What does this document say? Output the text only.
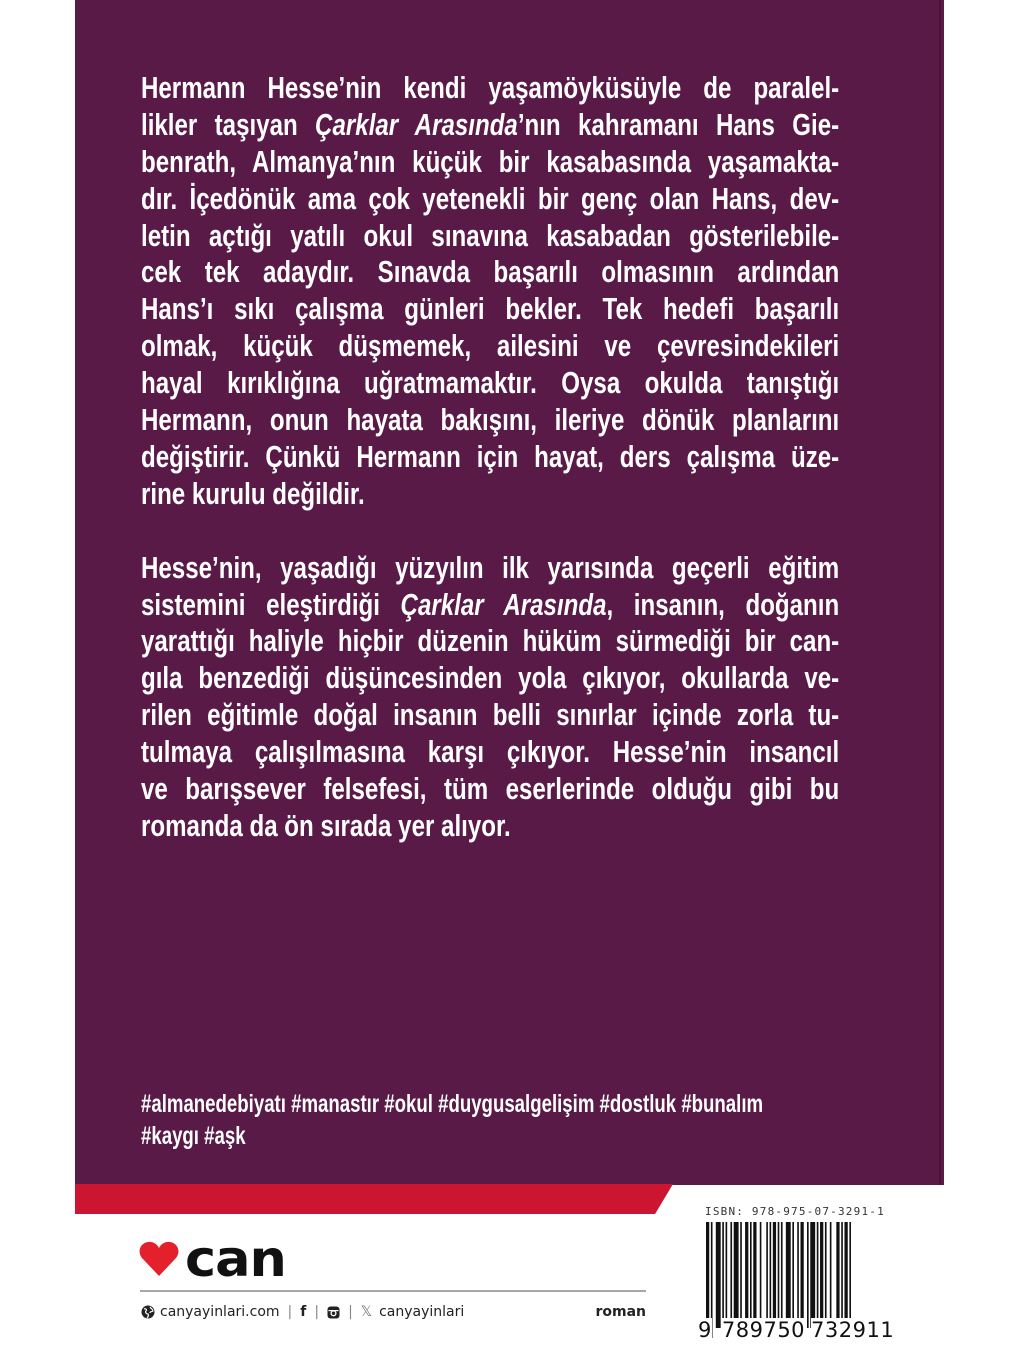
Hermann Hesse’nin kendi yaşamöyküsüyle de paralel-
likler taşıyan Çarklar Arasında’nın kahramanı Hans Gie-
benrath, Almanya’nın küçük bir kasabasında yaşamakta-
dır. İçedönük ama çok yetenekli bir genç olan Hans, dev-
letin açtığı yatılı okul sınavına kasabadan gösterilebile-
cek tek adaydır. Sınavda başarılı olmasının ardından
Hans’ı sıkı çalışma günleri bekler. Tek hedefi başarılı
olmak, küçük düşmemek, ailesini ve çevresindekileri
hayal kırıklığına uğratmamaktır. Oysa okulda tanıştığı
Hermann, onun hayata bakışını, ileriye dönük planlarını
değiştirir. Çünkü Hermann için hayat, ders çalışma üze-
rine kurulu değildir.
Hesse’nin, yaşadığı yüzyılın ilk yarısında geçerli eğitim
sistemini eleştirdiği Çarklar Arasında, insanın, doğanın
yarattığı haliyle hiçbir düzenin hüküm sürmediği bir can-
gıla benzediği düşüncesinden yola çıkıyor, okullarda ve-
rilen eğitimle doğal insanın belli sınırlar içinde zorla tu-
tulmaya çalışılmasına karşı çıkıyor. Hesse’nin insancıl
ve barışsever felsefesi, tüm eserlerinde olduğu gibi bu
romanda da ön sırada yer alıyor.
#almanedebiyatı #manastır #okul #duygusalgelişim #dostluk #bunalım
#kaygı #aşk
can
canyayinlari.com | f | | 𝕏 canyayinlari	roman
ISBN: 978-975-07-3291-1
9 789750 732911
